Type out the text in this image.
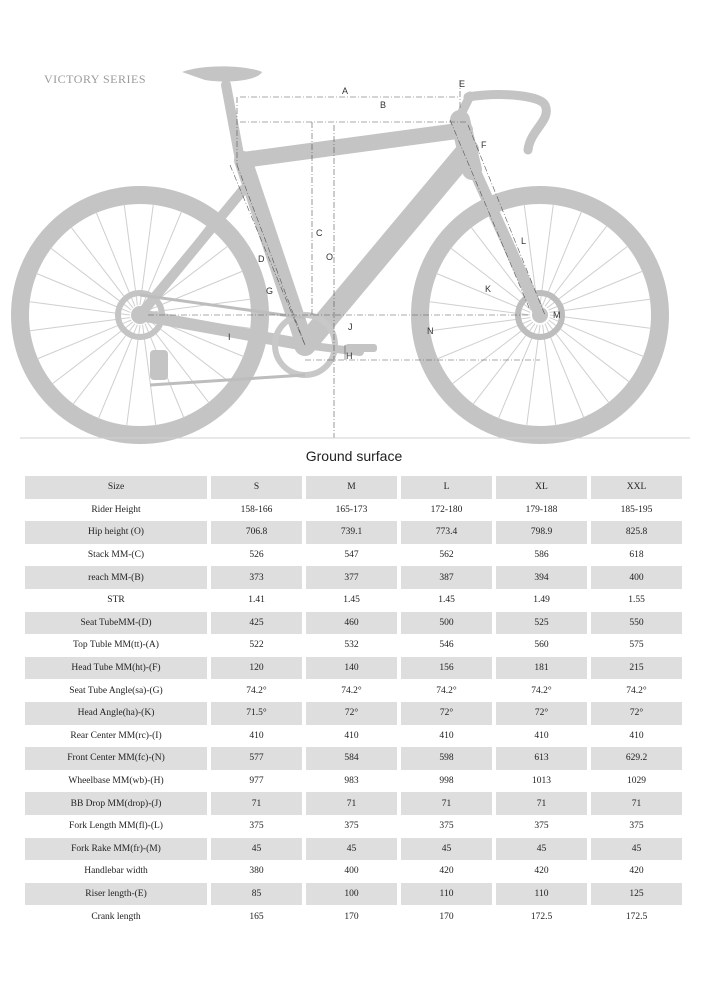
VICTORY SERIES
A
B
C
D
E
F
G
H
I
J
K
L
M
N
O
Ground surface
Size	S	M	L	XL	XXL
Rider Height	158-166	165-173	172-180	179-188	185-195
Hip height (O)	706.8	739.1	773.4	798.9	825.8
Stack MM-(C)	526	547	562	586	618
reach MM-(B)	373	377	387	394	400
STR	1.41	1.45	1.45	1.49	1.55
Seat TubeMM-(D)	425	460	500	525	550
Top Tuble MM(tt)-(A)	522	532	546	560	575
Head Tube MM(ht)-(F)	120	140	156	181	215
Seat Tube Angle(sa)-(G)	74.2°	74.2°	74.2°	74.2°	74.2°
Head Angle(ha)-(K)	71.5°	72°	72°	72°	72°
Rear Center MM(rc)-(I)	410	410	410	410	410
Front Center MM(fc)-(N)	577	584	598	613	629.2
Wheelbase MM(wb)-(H)	977	983	998	1013	1029
BB Drop MM(drop)-(J)	71	71	71	71	71
Fork Length MM(fl)-(L)	375	375	375	375	375
Fork Rake MM(fr)-(M)	45	45	45	45	45
Handlebar width	380	400	420	420	420
Riser length-(E)	85	100	110	110	125
Crank length	165	170	170	172.5	172.5
